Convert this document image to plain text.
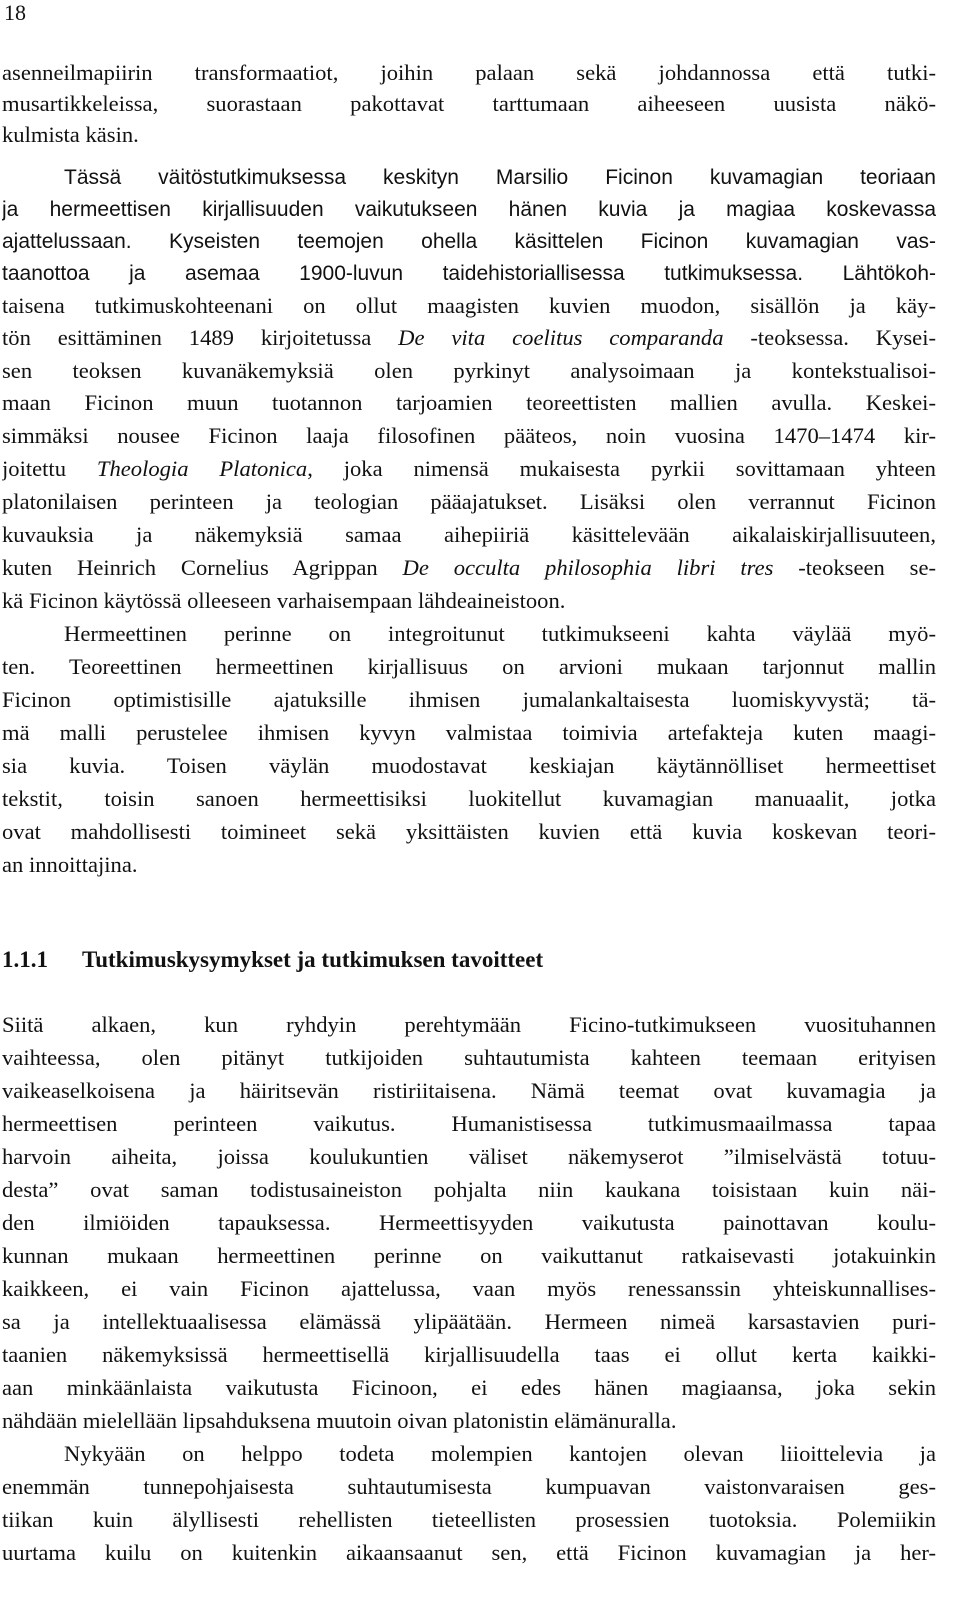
18
asenneilmapiirin transformaatiot, joihin palaan sekä johdannossa että tutki-
musartikkeleissa, suorastaan pakottavat tarttumaan aiheeseen uusista näkö-
kulmista käsin.
Tässä väitöstutkimuksessa keskityn Marsilio Ficinon kuvamagian teoriaan
ja hermeettisen kirjallisuuden vaikutukseen hänen kuvia ja magiaa koskevassa
ajattelussaan. Kyseisten teemojen ohella käsittelen Ficinon kuvamagian vas-
taanottoa ja asemaa 1900-luvun taidehistoriallisessa tutkimuksessa. Lähtökoh-
taisena tutkimuskohteenani on ollut maagisten kuvien muodon, sisällön ja käy-
tön esittäminen 1489 kirjoitetussa De vita coelitus comparanda -teoksessa. Kysei-
sen teoksen kuvanäkemyksiä olen pyrkinyt analysoimaan ja kontekstualisoi-
maan Ficinon muun tuotannon tarjoamien teoreettisten mallien avulla. Keskei-
simmäksi nousee Ficinon laaja filosofinen pääteos, noin vuosina 1470–1474 kir-
joitettu Theologia Platonica, joka nimensä mukaisesta pyrkii sovittamaan yhteen
platonilaisen perinteen ja teologian pääajatukset. Lisäksi olen verrannut Ficinon
kuvauksia ja näkemyksiä samaa aihepiiriä käsittelevään aikalaiskirjallisuuteen,
kuten Heinrich Cornelius Agrippan De occulta philosophia libri tres -teokseen se-
kä Ficinon käytössä olleeseen varhaisempaan lähdeaineistoon.
Hermeettinen perinne on integroitunut tutkimukseeni kahta väylää myö-
ten. Teoreettinen hermeettinen kirjallisuus on arvioni mukaan tarjonnut mallin
Ficinon optimistisille ajatuksille ihmisen jumalankaltaisesta luomiskyvystä; tä-
mä malli perustelee ihmisen kyvyn valmistaa toimivia artefakteja kuten maagi-
sia kuvia. Toisen väylän muodostavat keskiajan käytännölliset hermeettiset
tekstit, toisin sanoen hermeettisiksi luokitellut kuvamagian manuaalit, jotka
ovat mahdollisesti toimineet sekä yksittäisten kuvien että kuvia koskevan teori-
an innoittajina.
1.1.1 Tutkimuskysymykset ja tutkimuksen tavoitteet
Siitä alkaen, kun ryhdyin perehtymään Ficino-tutkimukseen vuosituhannen
vaihteessa, olen pitänyt tutkijoiden suhtautumista kahteen teemaan erityisen
vaikeaselkoisena ja häiritsevän ristiriitaisena. Nämä teemat ovat kuvamagia ja
hermeettisen perinteen vaikutus. Humanistisessa tutkimusmaailmassa tapaa
harvoin aiheita, joissa koulukuntien väliset näkemyserot ”ilmiselvästä totuu-
desta” ovat saman todistusaineiston pohjalta niin kaukana toisistaan kuin näi-
den ilmiöiden tapauksessa. Hermeettisyyden vaikutusta painottavan koulu-
kunnan mukaan hermeettinen perinne on vaikuttanut ratkaisevasti jotakuinkin
kaikkeen, ei vain Ficinon ajattelussa, vaan myös renessanssin yhteiskunnallises-
sa ja intellektuaalisessa elämässä ylipäätään. Hermeen nimeä karsastavien puri-
taanien näkemyksissä hermeettisellä kirjallisuudella taas ei ollut kerta kaikki-
aan minkäänlaista vaikutusta Ficinoon, ei edes hänen magiaansa, joka sekin
nähdään mielellään lipsahduksena muutoin oivan platonistin elämänuralla.
Nykyään on helppo todeta molempien kantojen olevan liioittelevia ja
enemmän tunnepohjaisesta suhtautumisesta kumpuavan vaistonvaraisen ges-
tiikan kuin älyllisesti rehellisten tieteellisten prosessien tuotoksia. Polemiikin
uurtama kuilu on kuitenkin aikaansaanut sen, että Ficinon kuvamagian ja her-
